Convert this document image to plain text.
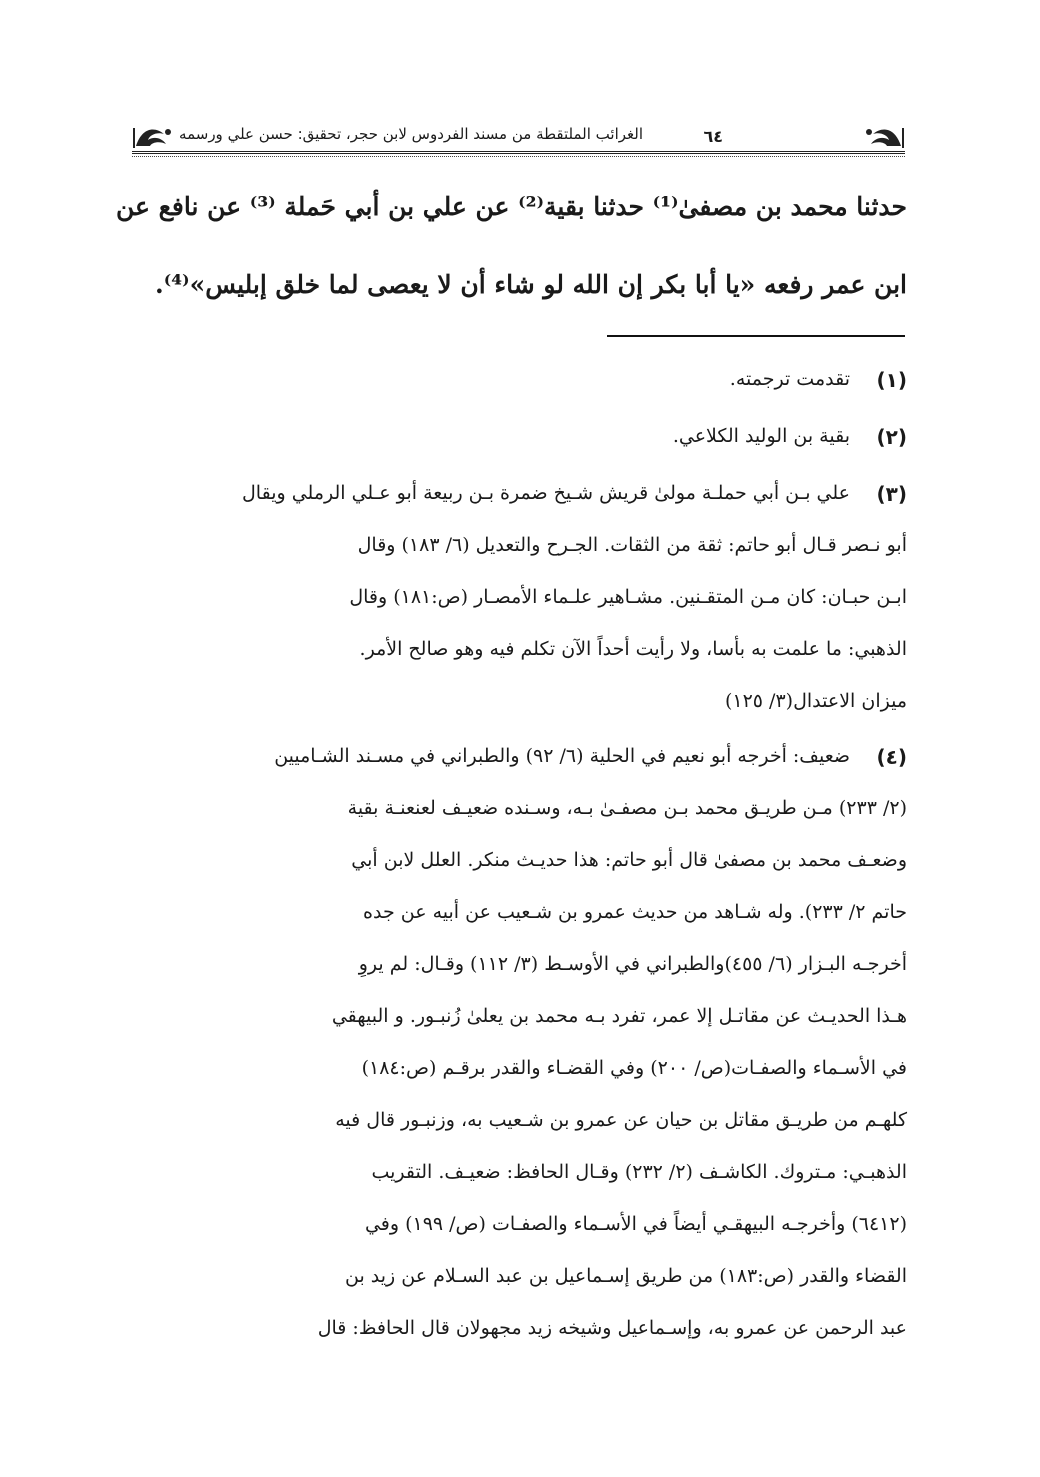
الغرائب الملتقطة من مسند الفردوس لابن حجر، تحقيق: حسن علي ورسمه	٦٤
حدثنا محمد بن مصفىٰ⁽¹⁾ حدثنا بقية⁽²⁾ عن علي بن أبي حَملة ⁽³⁾ عن نافع عن
ابن عمر رفعه «يا أبا بكر إن الله لو شاء أن لا يعصى لما خلق إبليس»⁽⁴⁾.
(١)
تقدمت ترجمته.
(٢)
بقية بن الوليد الكلاعي.
(٣)
علي بـن أبي حملـة مولىٰ قريش شـيخ ضمرة بـن ربيعة أبو عـلي الرملي ويقال
أبو نـصر قـال أبو حاتم: ثقة من الثقات. الجـرح والتعديل (٦/ ١٨٣) وقال
ابـن حبـان: كان مـن المتقـنين. مشـاهير علـماء الأمصـار (ص:١٨١) وقال
الذهبي: ما علمت به بأسا، ولا رأيت أحداً الآن تكلم فيه وهو صالح الأمر.
ميزان الاعتدال(٣/ ١٢٥)
(٤)
ضعيف: أخرجه أبو نعيم في الحلية (٦/ ٩٢) والطبراني في مسـند الشـاميين
(٢/ ٢٣٣) مـن طريـق محمد بـن مصفـىٰ بـه، وسـنده ضعيـف لعنعنـة بقية
وضعـف محمد بن مصفىٰ قال أبو حاتم: هذا حديـث منكر. العلل لابن أبي
حاتم ٢/ ٢٣٣). وله شـاهد من حديث عمرو بن شـعيب عن أبيه عن جده
أخرجـه البـزار (٦/ ٤٥٥)والطبراني في الأوسـط (٣/ ١١٢) وقـال: لم يروِ
هـذا الحديـث عن مقاتـل إلا عمر، تفرد بـه محمد بن يعلىٰ زُنبـور. و البيهقي
في الأسـماء والصفـات(ص/ ٢٠٠) وفي القضـاء والقدر برقـم (ص:١٨٤)
كلهـم من طريـق مقاتل بن حيان عن عمرو بن شـعيب به، وزنبـور قال فيه
الذهبـي: مـتروك. الكاشـف (٢/ ٢٣٢) وقـال الحافظ: ضعيـف. التقريب
(٦٤١٢) وأخرجـه البيهقـي أيضاً في الأسـماء والصفـات (ص/ ١٩٩) وفي
القضاء والقدر (ص:١٨٣) من طريق إسـماعيل بن عبد السـلام عن زيد بن
عبد الرحمن عن عمرو به، وإسـماعيل وشيخه زيد مجهولان قال الحافظ: قال
